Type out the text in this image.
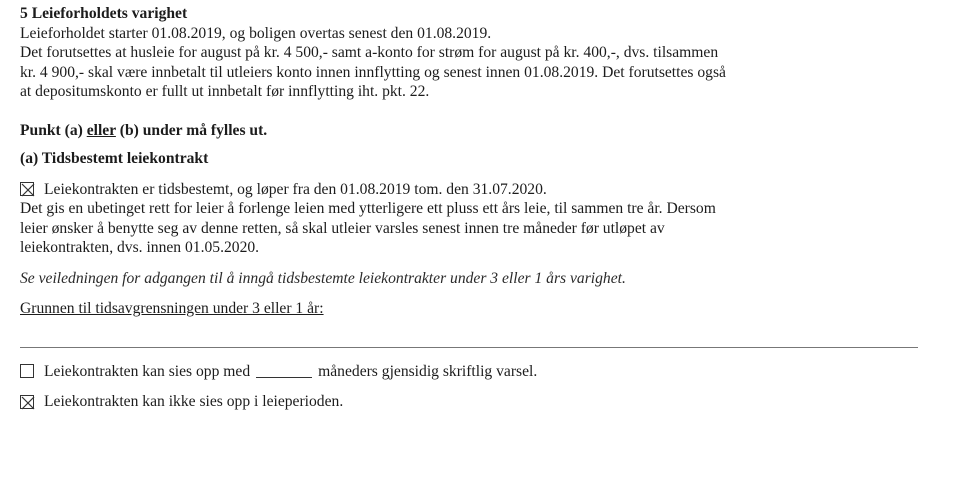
5 Leieforholdets varighet

Leieforholdet starter 01.08.2019, og boligen overtas senest den 01.08.2019.

Det forutsettes at husleie for august på kr. 4 500,- samt a-konto for strøm for august på kr. 400,-, dvs. tilsammen

kr. 4 900,- skal være innbetalt til utleiers konto innen innflytting og senest innen 01.08.2019. Det forutsettes også

at depositumskonto er fullt ut innbetalt før innflytting iht. pkt. 22.

Punkt (a) eller (b) under må fylles ut.

(a) Tidsbestemt leiekontrakt

Leiekontrakten er tidsbestemt, og løper fra den 01.08.2019 tom. den 31.07.2020.

Det gis en ubetinget rett for leier å forlenge leien med ytterligere ett pluss ett års leie, til sammen tre år. Dersom

leier ønsker å benytte seg av denne retten, så skal utleier varsles senest innen tre måneder før utløpet av

leiekontrakten, dvs. innen 01.05.2020.

Se veiledningen for adgangen til å inngå tidsbestemte leiekontrakter under 3 eller 1 års varighet.

Grunnen til tidsavgrensningen under 3 eller 1 år:

Leiekontrakten kan sies opp med	måneders gjensidig skriftlig varsel.
Leiekontrakten kan ikke sies opp i leieperioden.
